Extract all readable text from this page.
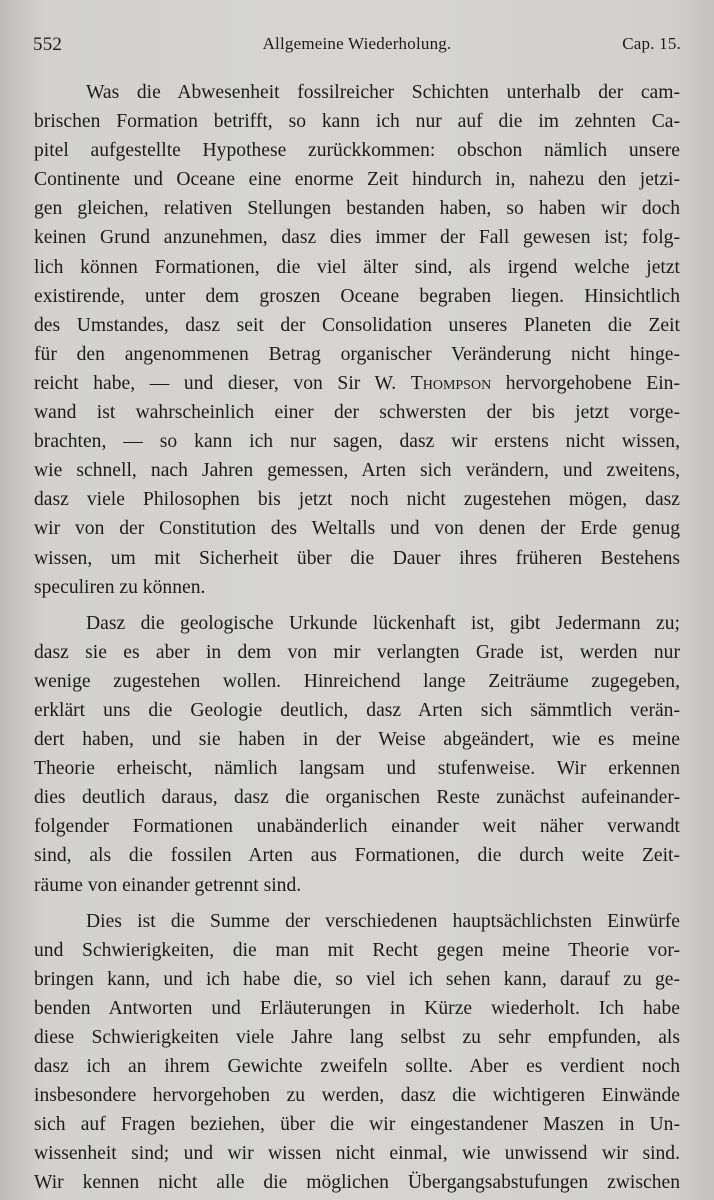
552	Allgemeine Wiederholung.	Cap. 15.
Was die Abwesenheit fossilreicher Schichten unterhalb der cam-
brischen Formation betrifft, so kann ich nur auf die im zehnten Ca-
pitel aufgestellte Hypothese zurückkommen: obschon nämlich unsere
Continente und Oceane eine enorme Zeit hindurch in, nahezu den jetzi-
gen gleichen, relativen Stellungen bestanden haben, so haben wir doch
keinen Grund anzunehmen, dasz dies immer der Fall gewesen ist; folg-
lich können Formationen, die viel älter sind, als irgend welche jetzt
existirende, unter dem groszen Oceane begraben liegen. Hinsichtlich
des Umstandes, dasz seit der Consolidation unseres Planeten die Zeit
für den angenommenen Betrag organischer Veränderung nicht hinge-
reicht habe, — und dieser, von Sir W. Thompson hervorgehobene Ein-
wand ist wahrscheinlich einer der schwersten der bis jetzt vorge-
brachten, — so kann ich nur sagen, dasz wir erstens nicht wissen,
wie schnell, nach Jahren gemessen, Arten sich verändern, und zweitens,
dasz viele Philosophen bis jetzt noch nicht zugestehen mögen, dasz
wir von der Constitution des Weltalls und von denen der Erde genug
wissen, um mit Sicherheit über die Dauer ihres früheren Bestehens
speculiren zu können.
Dasz die geologische Urkunde lückenhaft ist, gibt Jedermann zu;
dasz sie es aber in dem von mir verlangten Grade ist, werden nur
wenige zugestehen wollen. Hinreichend lange Zeiträume zugegeben,
erklärt uns die Geologie deutlich, dasz Arten sich sämmtlich verän-
dert haben, und sie haben in der Weise abgeändert, wie es meine
Theorie erheischt, nämlich langsam und stufenweise. Wir erkennen
dies deutlich daraus, dasz die organischen Reste zunächst aufeinander-
folgender Formationen unabänderlich einander weit näher verwandt
sind, als die fossilen Arten aus Formationen, die durch weite Zeit-
räume von einander getrennt sind.
Dies ist die Summe der verschiedenen hauptsächlichsten Einwürfe
und Schwierigkeiten, die man mit Recht gegen meine Theorie vor-
bringen kann, und ich habe die, so viel ich sehen kann, darauf zu ge-
benden Antworten und Erläuterungen in Kürze wiederholt. Ich habe
diese Schwierigkeiten viele Jahre lang selbst zu sehr empfunden, als
dasz ich an ihrem Gewichte zweifeln sollte. Aber es verdient noch
insbesondere hervorgehoben zu werden, dasz die wichtigeren Einwände
sich auf Fragen beziehen, über die wir eingestandener Maszen in Un-
wissenheit sind; und wir wissen nicht einmal, wie unwissend wir sind.
Wir kennen nicht alle die möglichen Übergangsabstufungen zwischen
